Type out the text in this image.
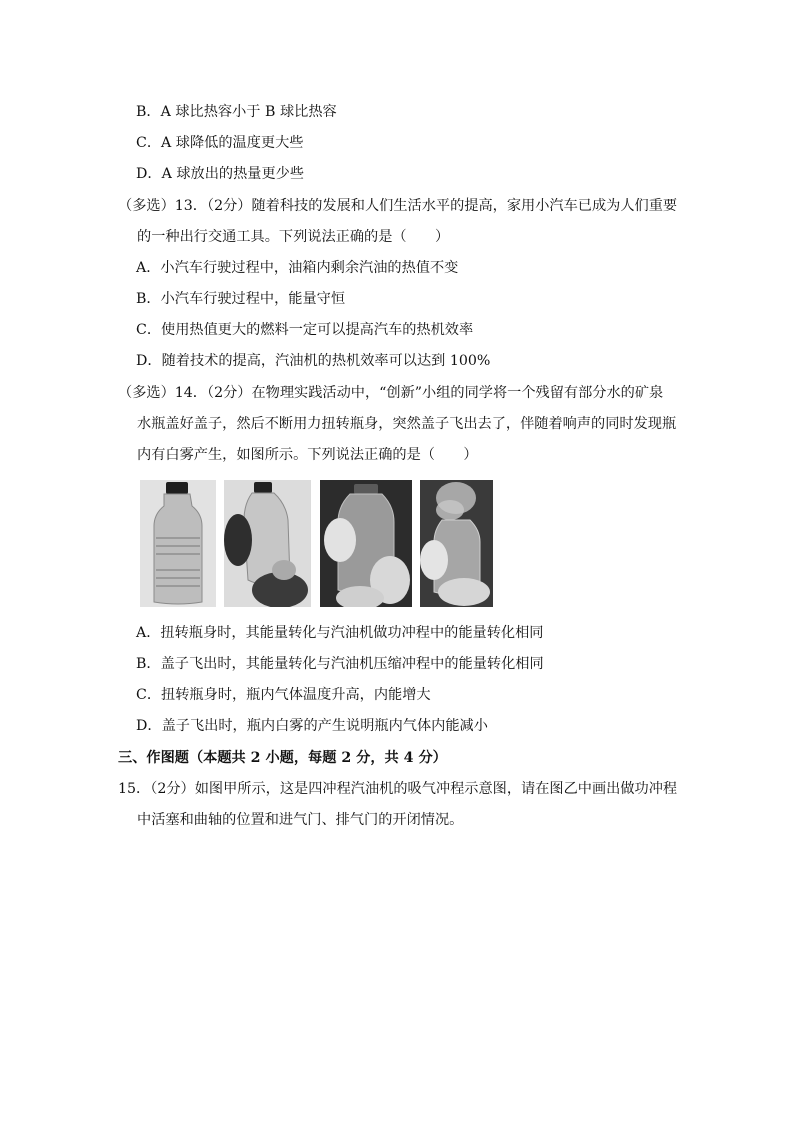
B．A 球比热容小于 B 球比热容
C．A 球降低的温度更大些
D．A 球放出的热量更少些
（多选）13．（2分）随着科技的发展和人们生活水平的提高，家用小汽车已成为人们重要
的一种出行交通工具。下列说法正确的是（　　）
A．小汽车行驶过程中，油箱内剩余汽油的热值不变
B．小汽车行驶过程中，能量守恒
C．使用热值更大的燃料一定可以提高汽车的热机效率
D．随着技术的提高，汽油机的热机效率可以达到 100%
（多选）14．（2分）在物理实践活动中，“创新”小组的同学将一个残留有部分水的矿泉
水瓶盖好盖子，然后不断用力扭转瓶身，突然盖子飞出去了，伴随着响声的同时发现瓶
内有白雾产生，如图所示。下列说法正确的是（　　）
A．扭转瓶身时，其能量转化与汽油机做功冲程中的能量转化相同
B．盖子飞出时，其能量转化与汽油机压缩冲程中的能量转化相同
C．扭转瓶身时，瓶内气体温度升高，内能增大
D．盖子飞出时，瓶内白雾的产生说明瓶内气体内能减小
三、作图题（本题共 2 小题，每题 2 分，共 4 分）
15．（2分）如图甲所示，这是四冲程汽油机的吸气冲程示意图，请在图乙中画出做功冲程
中活塞和曲轴的位置和进气门、排气门的开闭情况。
